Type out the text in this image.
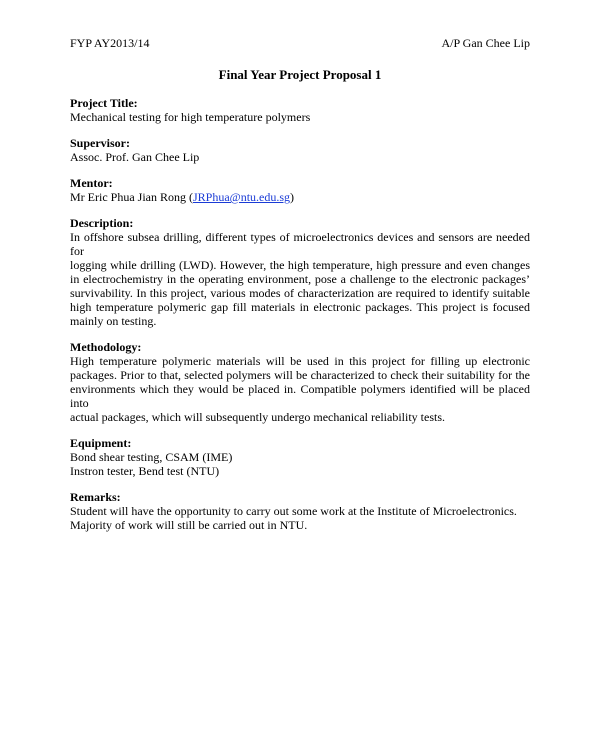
FYP AY2013/14	A/P Gan Chee Lip
Final Year Project Proposal 1
Project Title:
Mechanical testing for high temperature polymers
Supervisor:
Assoc. Prof. Gan Chee Lip
Mentor:
Mr Eric Phua Jian Rong (JRPhua@ntu.edu.sg)
Description:
In offshore subsea drilling, different types of microelectronics devices and sensors are needed for
logging while drilling (LWD). However, the high temperature, high pressure and even changes
in electrochemistry in the operating environment, pose a challenge to the electronic packages’
survivability. In this project, various modes of characterization are required to identify suitable
high temperature polymeric gap fill materials in electronic packages. This project is focused
mainly on testing.
Methodology:
High temperature polymeric materials will be used in this project for filling up electronic
packages. Prior to that, selected polymers will be characterized to check their suitability for the
environments which they would be placed in. Compatible polymers identified will be placed into
actual packages, which will subsequently undergo mechanical reliability tests.
Equipment:
Bond shear testing, CSAM (IME)
Instron tester, Bend test (NTU)
Remarks:
Student will have the opportunity to carry out some work at the Institute of Microelectronics.
Majority of work will still be carried out in NTU.
